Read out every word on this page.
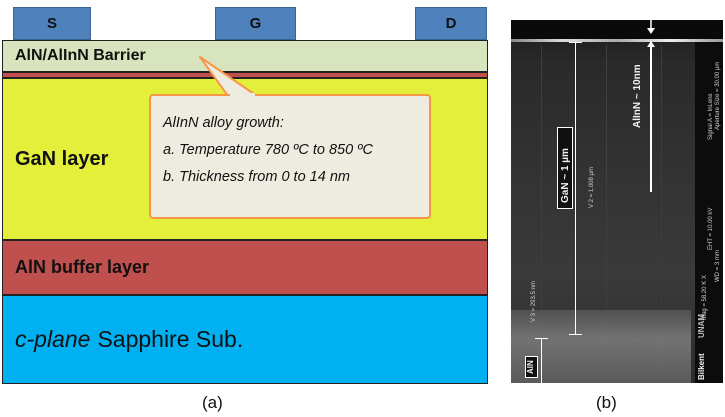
S	G	D
AlN/AlInN Barrier
GaN layer
AlN buffer layer
c-plane Sapphire Sub.
AlInN alloy growth:
a. Temperature 780 ºC to 850 ºC
b. Thickness from 0 to 14 nm
(a)
AlInN ~ 10nm
GaN ~ 1 µm	V 2 = 1.008 µm
V 3 = 293.5 nm
AlN	Bilkent
UNAM
Signal A = InLens
EHT = 10.00 kV
Mag = 58.20 K X
Aperture Size = 30.00 µm
WD = 3 mm
(b)
